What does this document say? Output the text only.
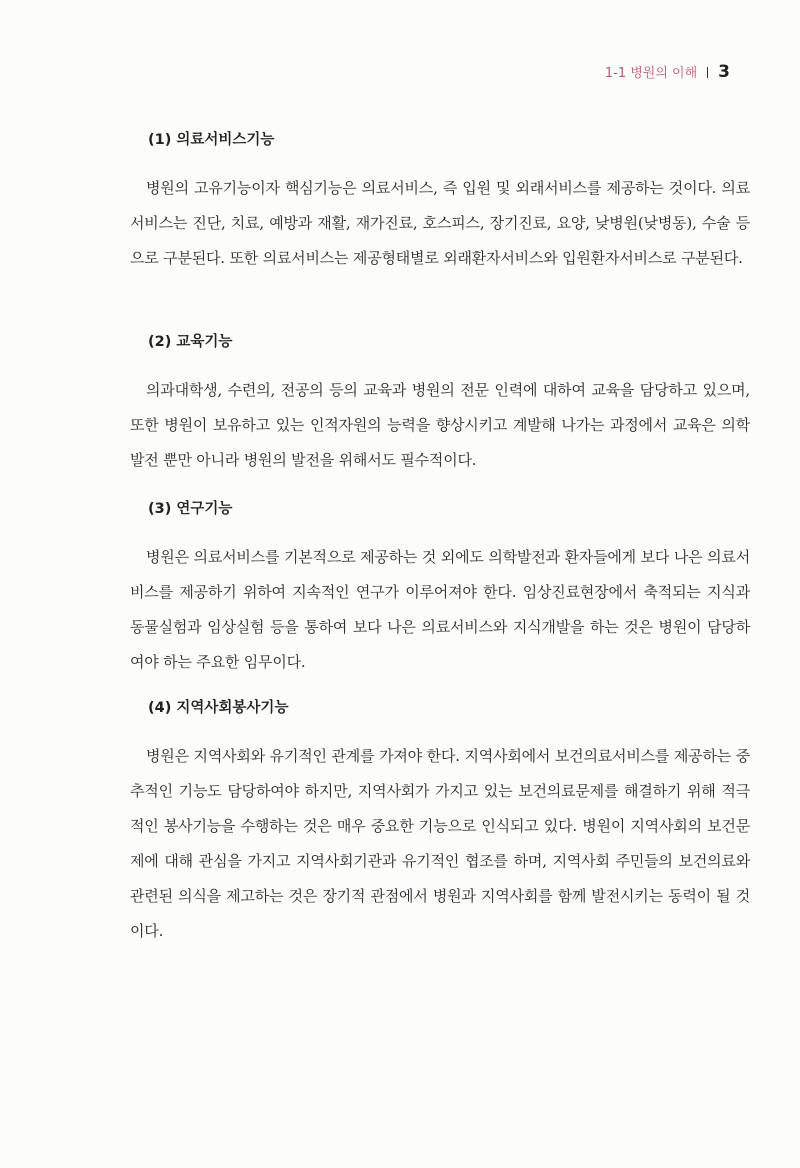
1-1 병원의 이해 3
(1) 의료서비스기능

병원의 고유기능이자 핵심기능은 의료서비스, 즉 입원 및 외래서비스를 제공하는 것이다. 의료서비스는 진단, 치료, 예방과 재활, 재가진료, 호스피스, 장기진료, 요양, 낮병원(낮병동), 수술 등으로 구분된다. 또한 의료서비스는 제공형태별로 외래환자서비스와 입원환자서비스로 구분된다.

(2) 교육기능

의과대학생, 수련의, 전공의 등의 교육과 병원의 전문 인력에 대하여 교육을 담당하고 있으며, 또한 병원이 보유하고 있는 인적자원의 능력을 향상시키고 계발해 나가는 과정에서 교육은 의학발전 뿐만 아니라 병원의 발전을 위해서도 필수적이다.

(3) 연구기능

병원은 의료서비스를 기본적으로 제공하는 것 외에도 의학발전과 환자들에게 보다 나은 의료서비스를 제공하기 위하여 지속적인 연구가 이루어져야 한다. 임상진료현장에서 축적되는 지식과 동물실험과 임상실험 등을 통하여 보다 나은 의료서비스와 지식개발을 하는 것은 병원이 담당하여야 하는 주요한 임무이다.

(4) 지역사회봉사기능

병원은 지역사회와 유기적인 관계를 가져야 한다. 지역사회에서 보건의료서비스를 제공하는 중추적인 기능도 담당하여야 하지만, 지역사회가 가지고 있는 보건의료문제를 해결하기 위해 적극적인 봉사기능을 수행하는 것은 매우 중요한 기능으로 인식되고 있다. 병원이 지역사회의 보건문제에 대해 관심을 가지고 지역사회기관과 유기적인 협조를 하며, 지역사회 주민들의 보건의료와 관련된 의식을 제고하는 것은 장기적 관점에서 병원과 지역사회를 함께 발전시키는 동력이 될 것이다.
